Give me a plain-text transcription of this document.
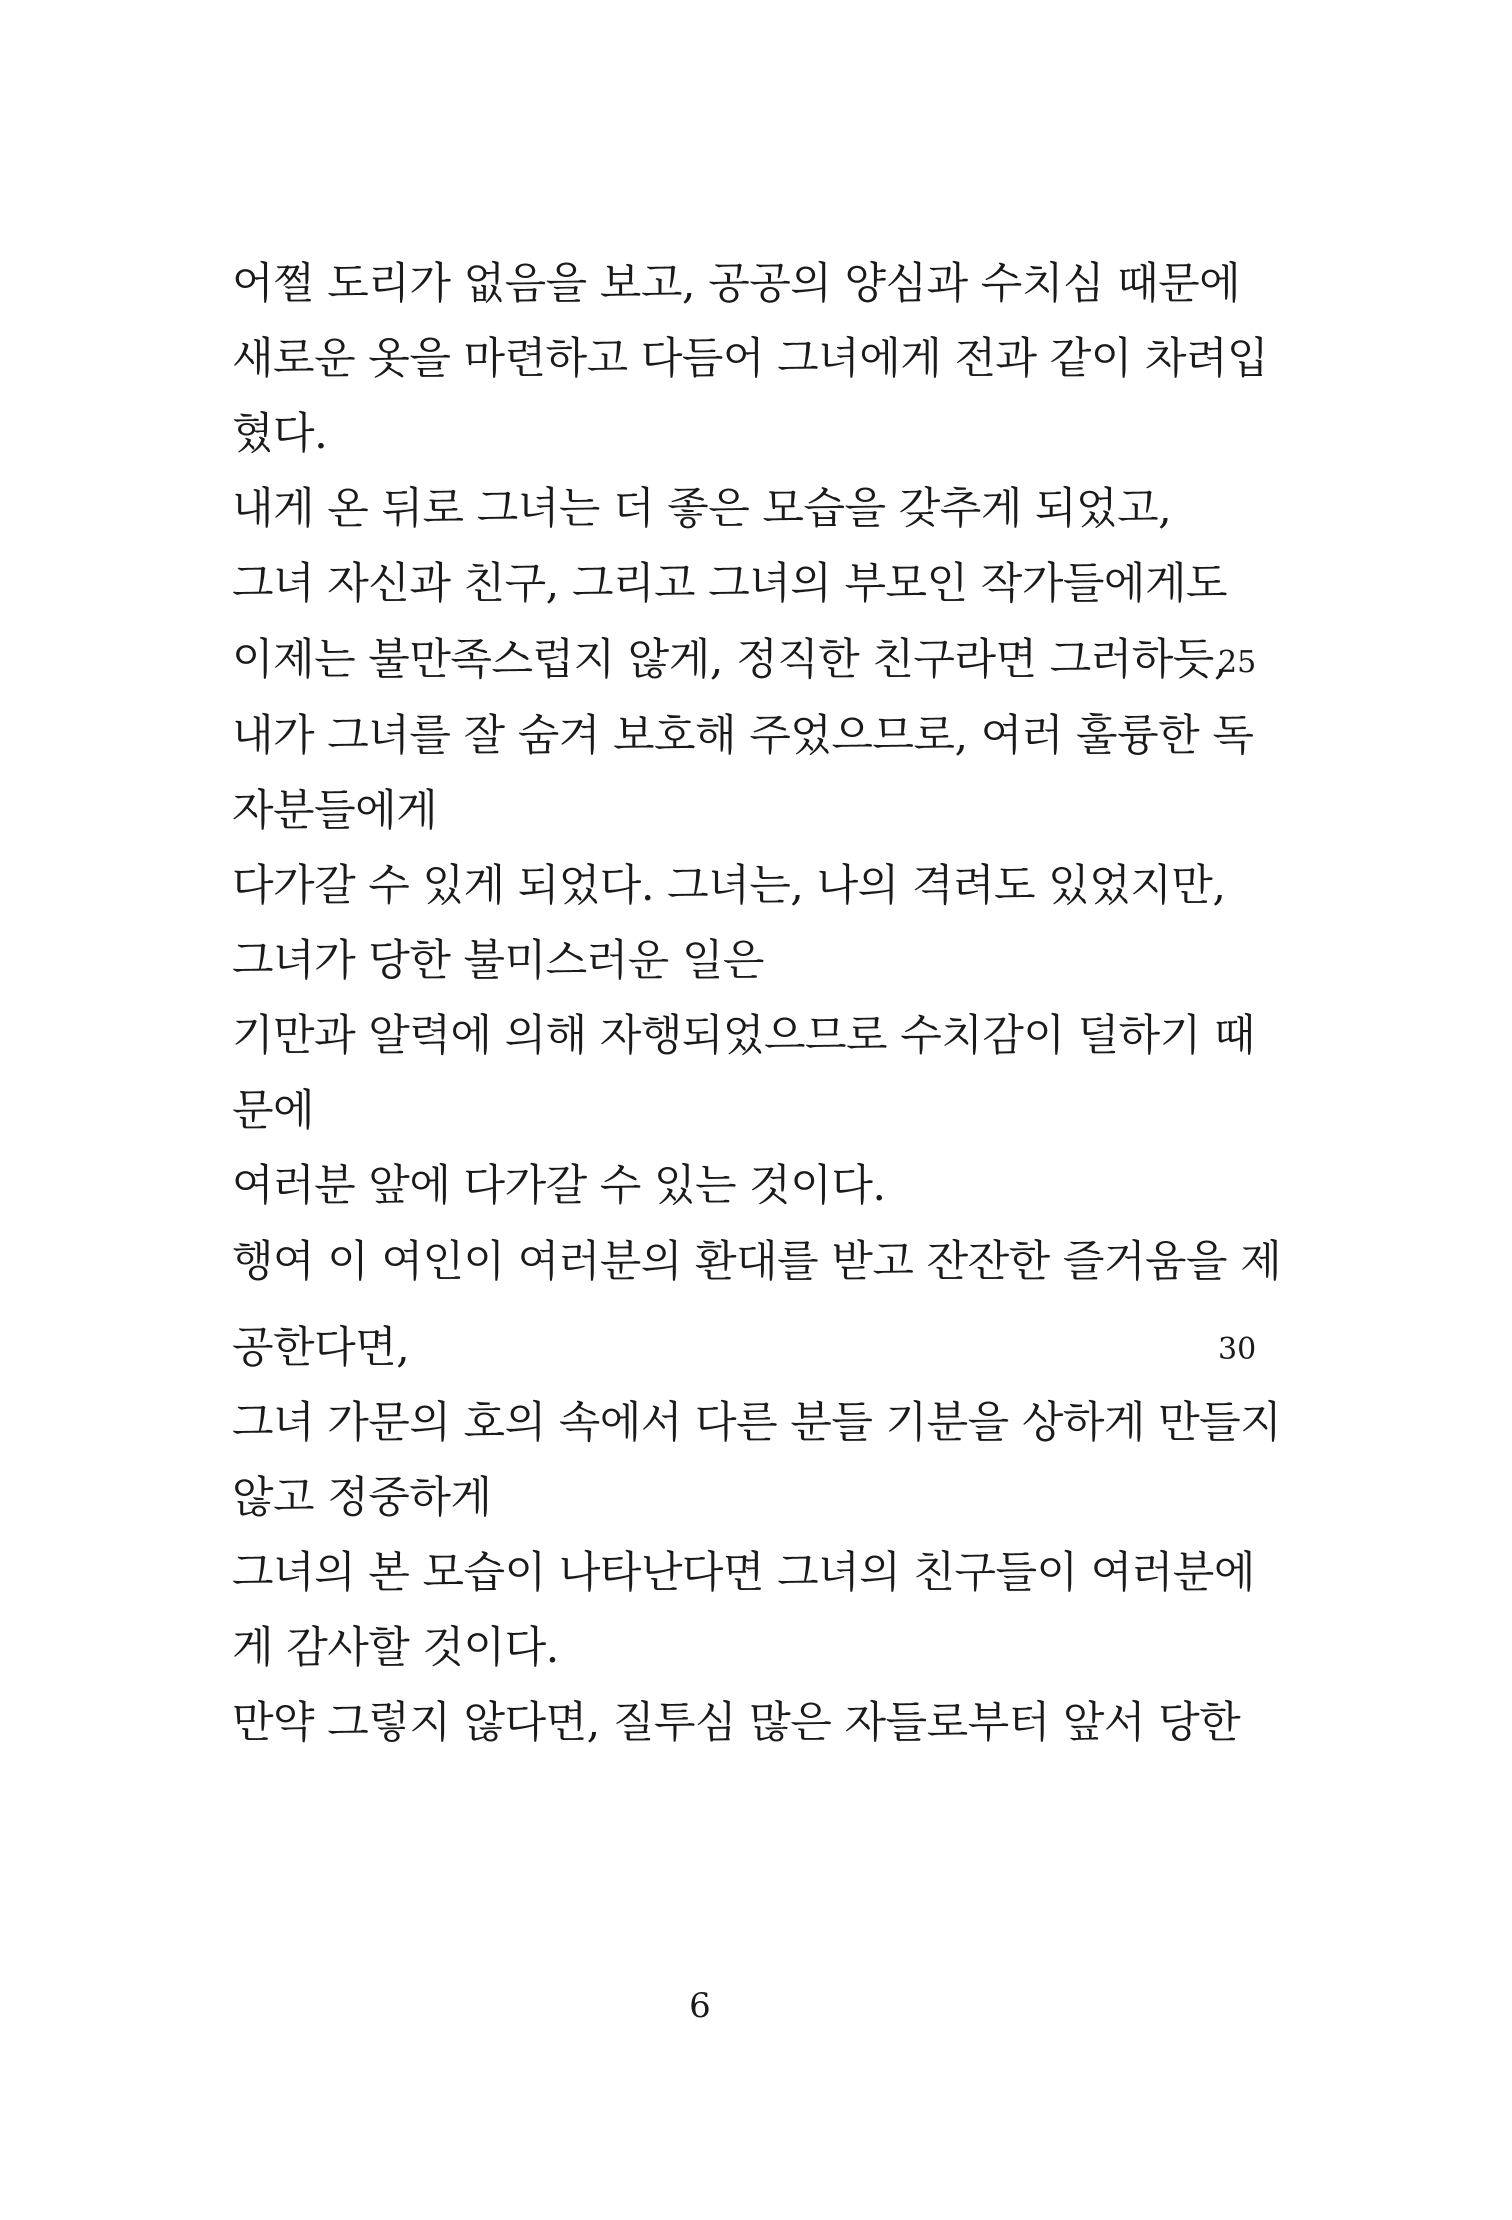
어쩔 도리가 없음을 보고, 공공의 양심과 수치심 때문에
새로운 옷을 마련하고 다듬어 그녀에게 전과 같이 차려입
혔다.
내게 온 뒤로 그녀는 더 좋은 모습을 갖추게 되었고,
그녀 자신과 친구, 그리고 그녀의 부모인 작가들에게도
이제는 불만족스럽지 않게, 정직한 친구라면 그러하듯,
내가 그녀를 잘 숨겨 보호해 주었으므로, 여러 훌륭한 독
자분들에게
다가갈 수 있게 되었다. 그녀는, 나의 격려도 있었지만,
그녀가 당한 불미스러운 일은
기만과 알력에 의해 자행되었으므로 수치감이 덜하기 때
문에
여러분 앞에 다가갈 수 있는 것이다.
행여 이 여인이 여러분의 환대를 받고 잔잔한 즐거움을 제
공한다면,
그녀 가문의 호의 속에서 다른 분들 기분을 상하게 만들지
않고 정중하게
그녀의 본 모습이 나타난다면 그녀의 친구들이 여러분에
게 감사할 것이다.
만약 그렇지 않다면, 질투심 많은 자들로부터 앞서 당한
25
30
6
